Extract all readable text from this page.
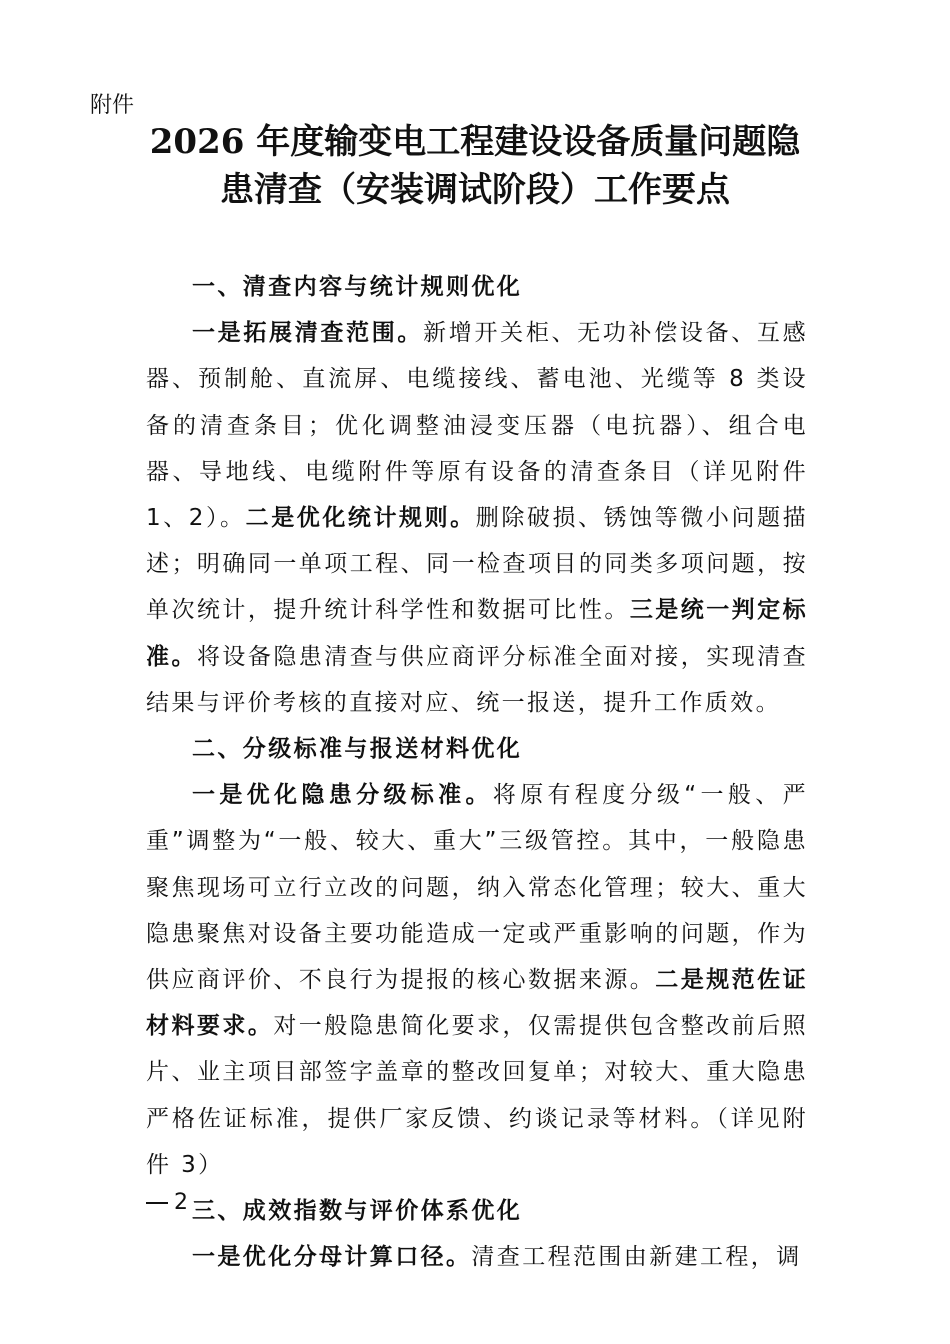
附件
2026 年度输变电工程建设设备质量问题隐
患清查（安装调试阶段）工作要点
一、清查内容与统计规则优化

一是拓展清查范围。新增开关柜、无功补偿设备、互感器、预制舱、直流屏、电缆接线、蓄电池、光缆等 8 类设备的清查条目；优化调整油浸变压器（电抗器）、组合电器、导地线、电缆附件等原有设备的清查条目（详见附件 1、2）。二是优化统计规则。删除破损、锈蚀等微小问题描述；明确同一单项工程、同一检查项目的同类多项问题，按单次统计，提升统计科学性和数据可比性。三是统一判定标准。将设备隐患清查与供应商评分标准全面对接，实现清查结果与评价考核的直接对应、统一报送，提升工作质效。

二、分级标准与报送材料优化

一是优化隐患分级标准。将原有程度分级“一般、严重”调整为“一般、较大、重大”三级管控。其中，一般隐患聚焦现场可立行立改的问题，纳入常态化管理；较大、重大隐患聚焦对设备主要功能造成一定或严重影响的问题，作为供应商评价、不良行为提报的核心数据来源。二是规范佐证材料要求。对一般隐患简化要求，仅需提供包含整改前后照片、业主项目部签字盖章的整改回复单；对较大、重大隐患严格佐证标准，提供厂家反馈、约谈记录等材料。（详见附件 3）

三、成效指数与评价体系优化

一是优化分母计算口径。清查工程范围由新建工程，调

2
